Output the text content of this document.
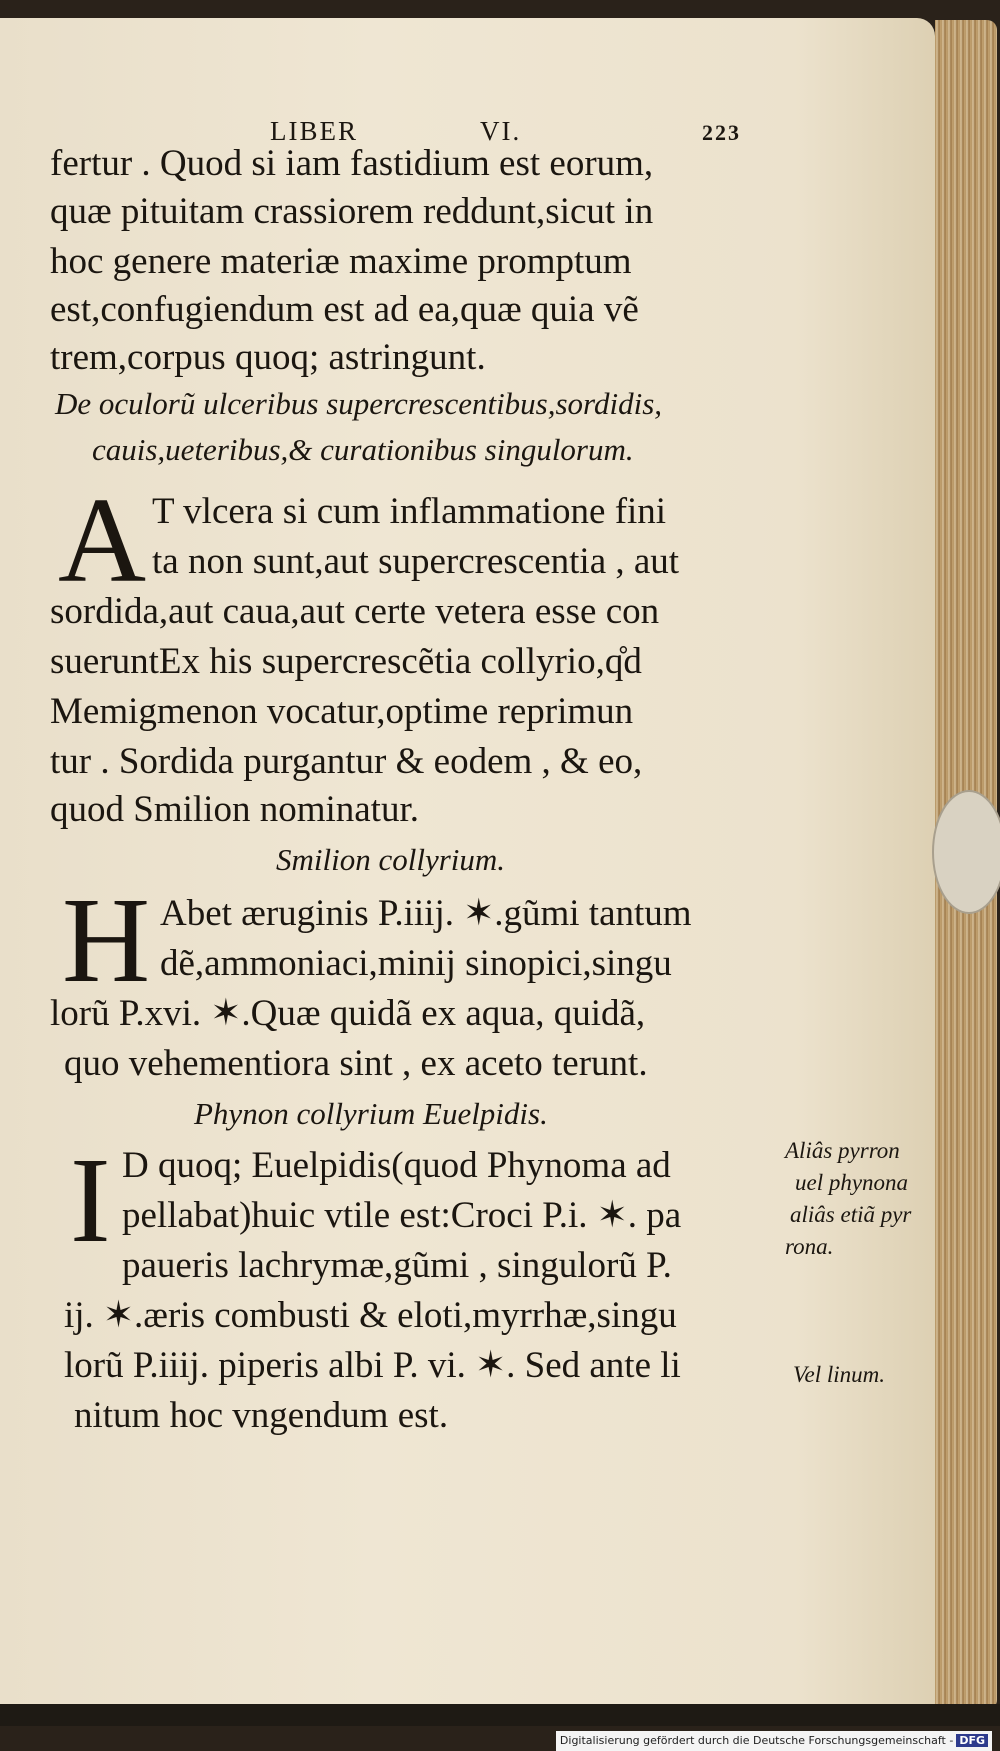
LIBER	VI.	223
fertur . Quod si iam fastidium est eorum,
quæ pituitam crassiorem reddunt,sicut in
hoc genere materiæ maxime promptum
est,confugiendum est ad ea,quæ quia vẽ
trem,corpus quoq; astringunt.
De oculorũ ulceribus supercrescentibus,sordidis,
cauis,ueteribus,& curationibus singulorum.
A T vlcera si cum inflammatione fini
ta non sunt,aut supercrescentia , aut
sordida,aut caua,aut certe vetera esse con
sueruntEx his supercrescẽtia collyrio,q̊d
Memigmenon vocatur,optime reprimun
tur . Sordida purgantur & eodem , & eo,
quod Smilion nominatur.
Smilion collyrium.
H Abet æruginis P.iiij. ✶.gũmi tantum
dẽ,ammoniaci,minij sinopici,singu
lorũ P.xvi. ✶.Quæ quidã ex aqua, quidã,
quo vehementiora sint , ex aceto terunt.
Phynon collyrium Euelpidis.
I D quoq; Euelpidis(quod Phynoma ad
pellabat)huic vtile est:Croci P.i. ✶. pa
paueris lachrymæ,gũmi , singulorũ P.
ij. ✶.æris combusti & eloti,myrrhæ,singu
lorũ P.iiij. piperis albi P. vi. ✶. Sed ante li
nitum hoc vngendum est.
Aliâs pyrron
uel phynona
aliâs etiã pyr
rona.
Vel linum.
Digitalisierung gefördert durch die Deutsche Forschungsgemeinschaft - DFG
